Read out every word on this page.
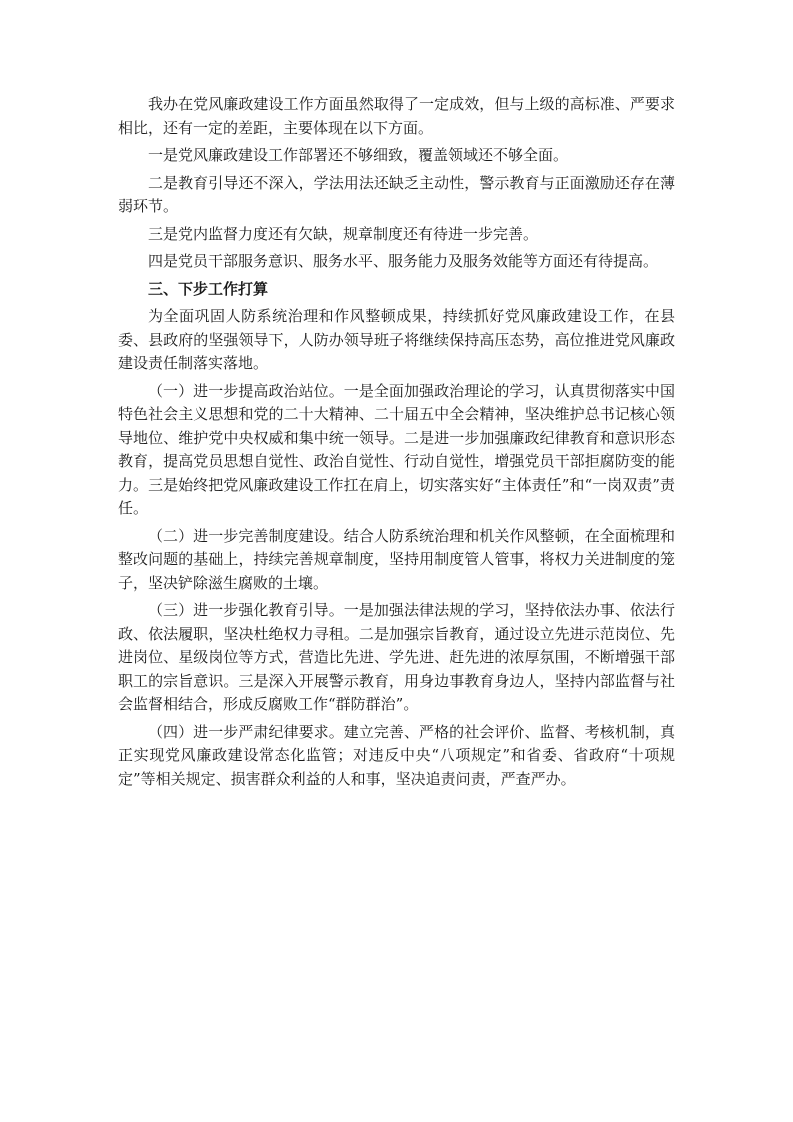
我办在党风廉政建设工作方面虽然取得了一定成效，但与上级的高标准、严要求相比，还有一定的差距，主要体现在以下方面。

一是党风廉政建设工作部署还不够细致，覆盖领域还不够全面。

二是教育引导还不深入，学法用法还缺乏主动性，警示教育与正面激励还存在薄弱环节。

三是党内监督力度还有欠缺，规章制度还有待进一步完善。

四是党员干部服务意识、服务水平、服务能力及服务效能等方面还有待提高。

三、下步工作打算

为全面巩固人防系统治理和作风整顿成果，持续抓好党风廉政建设工作，在县委、县政府的坚强领导下，人防办领导班子将继续保持高压态势，高位推进党风廉政建设责任制落实落地。

（一）进一步提高政治站位。一是全面加强政治理论的学习，认真贯彻落实中国特色社会主义思想和党的二十大精神、二十届五中全会精神，坚决维护总书记核心领导地位、维护党中央权威和集中统一领导。二是进一步加强廉政纪律教育和意识形态教育，提高党员思想自觉性、政治自觉性、行动自觉性，增强党员干部拒腐防变的能力。三是始终把党风廉政建设工作扛在肩上，切实落实好“主体责任”和“一岗双责”责任。

（二）进一步完善制度建设。结合人防系统治理和机关作风整顿，在全面梳理和整改问题的基础上，持续完善规章制度，坚持用制度管人管事，将权力关进制度的笼子，坚决铲除滋生腐败的土壤。

（三）进一步强化教育引导。一是加强法律法规的学习，坚持依法办事、依法行政、依法履职，坚决杜绝权力寻租。二是加强宗旨教育，通过设立先进示范岗位、先进岗位、星级岗位等方式，营造比先进、学先进、赶先进的浓厚氛围，不断增强干部职工的宗旨意识。三是深入开展警示教育，用身边事教育身边人，坚持内部监督与社会监督相结合，形成反腐败工作“群防群治”。

（四）进一步严肃纪律要求。建立完善、严格的社会评价、监督、考核机制，真正实现党风廉政建设常态化监管；对违反中央“八项规定”和省委、省政府“十项规定”等相关规定、损害群众利益的人和事，坚决追责问责，严查严办。
